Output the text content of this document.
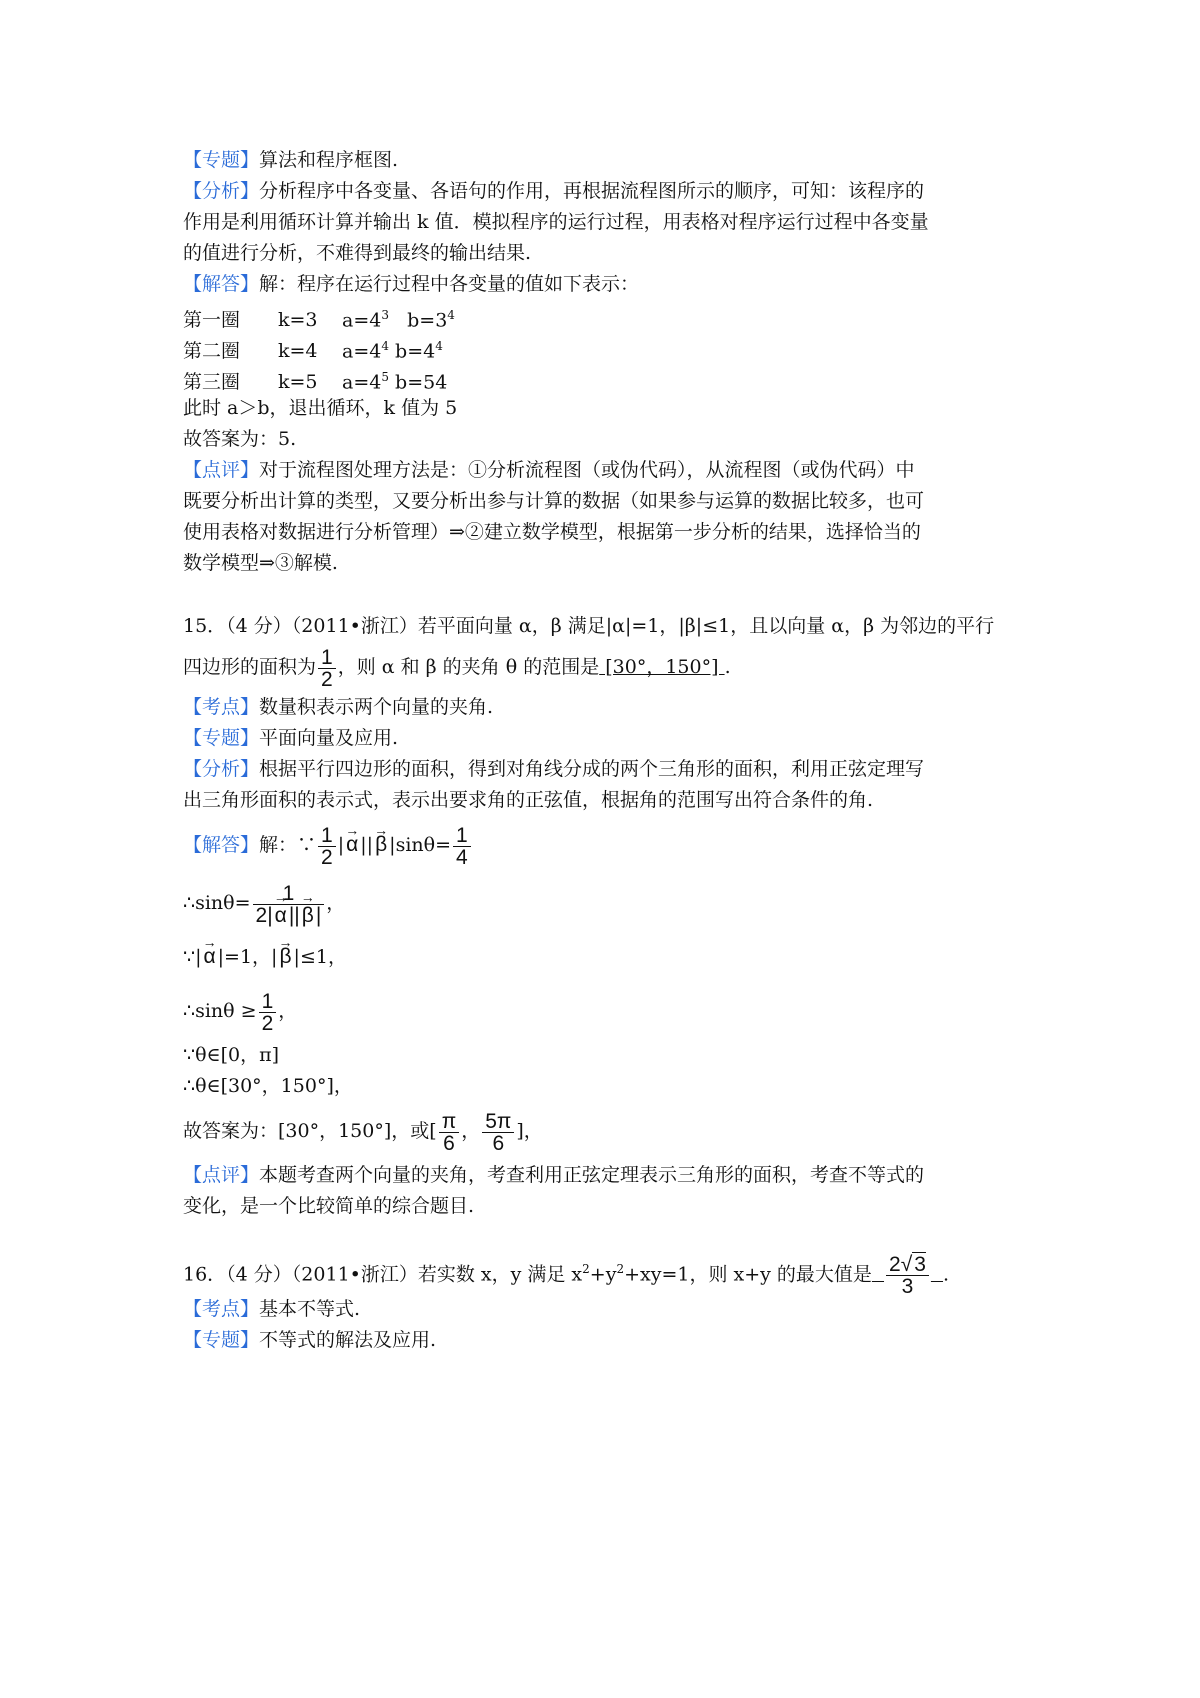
【专题】算法和程序框图.
【分析】分析程序中各变量、各语句的作用，再根据流程图所示的顺序，可知：该程序的
作用是利用循环计算并输出 k 值．模拟程序的运行过程，用表格对程序运行过程中各变量
的值进行分析，不难得到最终的输出结果.
【解答】解：程序在运行过程中各变量的值如下表示：
第一圈 k=3 $a=4^3$ $b=3^4$
第二圈 k=4 $a=4^4$ $b=4^4$
第三圈 k=5 $a=4^5$ b=54
此时 a＞b，退出循环，k 值为 5
故答案为：5.
【点评】对于流程图处理方法是：①分析流程图（或伪代码），从流程图（或伪代码）中
既要分析出计算的类型，又要分析出参与计算的数据（如果参与运算的数据比较多，也可
使用表格对数据进行分析管理）⇒②建立数学模型，根据第一步分析的结果，选择恰当的
数学模型⇒③解模.
15．（4 分）（2011•浙江）若平面向量 α，β 满足|α|=1，|β|≤1，且以向量 α，β 为邻边的平行
四边形的面积为 $\frac{1}{2}$ ，则 α 和 β 的夹角 θ 的范围是 [30°，150°] .
【考点】数量积表示两个向量的夹角.
【专题】平面向量及应用.
【分析】根据平行四边形的面积，得到对角线分成的两个三角形的面积，利用正弦定理写
出三角形面积的表示式，表示出要求角的正弦值，根据角的范围写出符合条件的角.
【解答】解：∵ $\frac{1}{2}$ |→ α ||→ β $|\sin\theta= \frac{1}{4}$
∴sinθ= $\frac{1}{2|\to \alpha||\to \beta|}$ ，
∵|→ α |=1，|→ β |≤1，
∴sinθ ≥ $\frac{1}{2}$ ，
∵θ∈[0，π]
∴θ∈[30°，150°]，
故答案为：[30°，150°]，或[ $\frac{\pi}{6}$ ， $\frac{5\pi}{6}$ ]，
【点评】本题考查两个向量的夹角，考查利用正弦定理表示三角形的面积，考查不等式的
变化，是一个比较简单的综合题目.
16．（4 分）（2011•浙江）若实数 x，y 满足 $x^2+y^2+xy=1$，则 x+y 的最大值是 $\frac{2√3}{3}$ .
【考点】基本不等式.
【专题】不等式的解法及应用.
